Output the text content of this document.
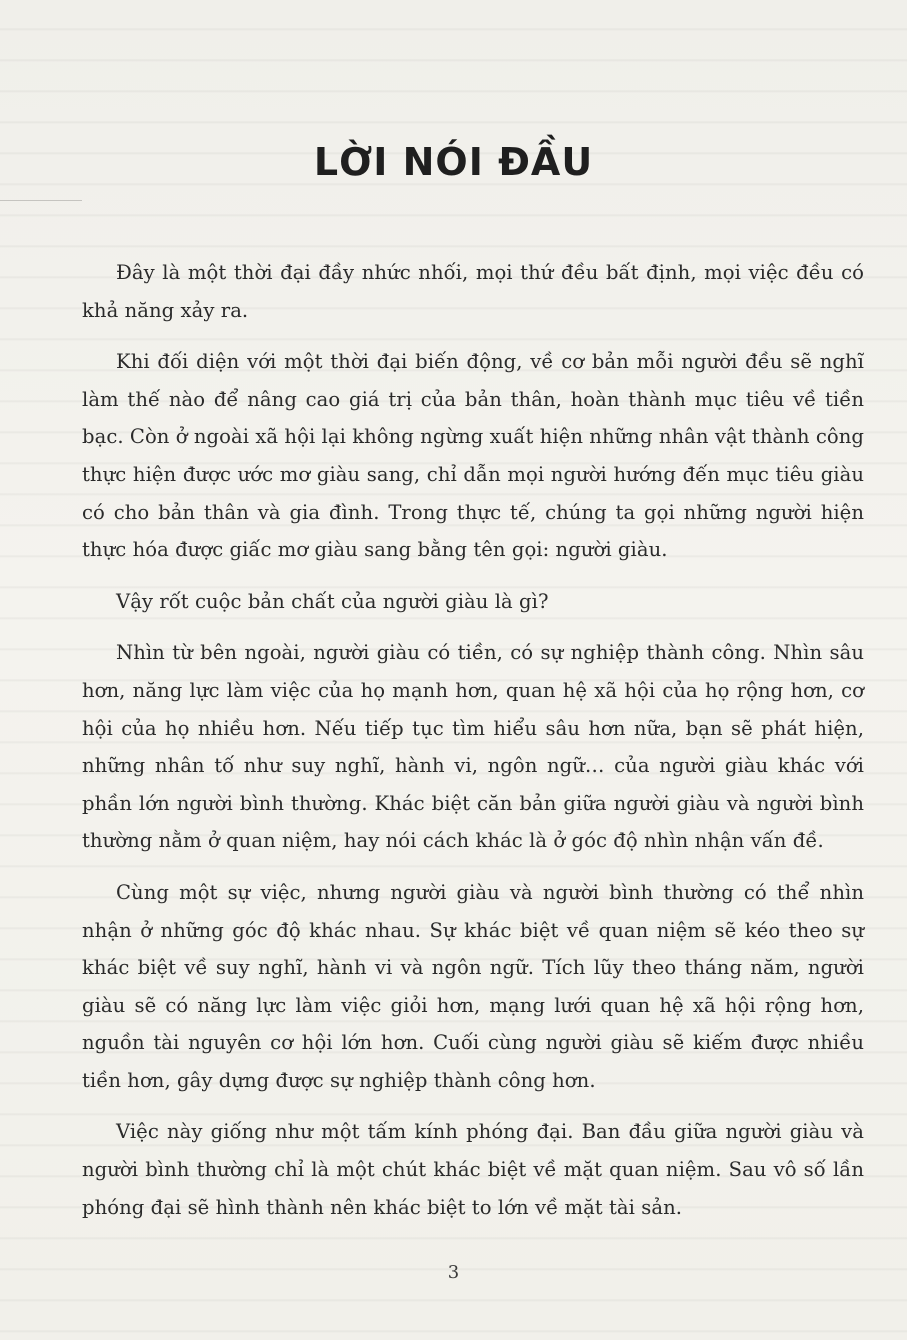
LỜI NÓI ĐẦU

Đây là một thời đại đầy nhức nhối, mọi thứ đều bất định, mọi việc đều có khả năng xảy ra.

Khi đối diện với một thời đại biến động, về cơ bản mỗi người đều sẽ nghĩ làm thế nào để nâng cao giá trị của bản thân, hoàn thành mục tiêu về tiền bạc. Còn ở ngoài xã hội lại không ngừng xuất hiện những nhân vật thành công thực hiện được ước mơ giàu sang, chỉ dẫn mọi người hướng đến mục tiêu giàu có cho bản thân và gia đình. Trong thực tế, chúng ta gọi những người hiện thực hóa được giấc mơ giàu sang bằng tên gọi: người giàu.

Vậy rốt cuộc bản chất của người giàu là gì?

Nhìn từ bên ngoài, người giàu có tiền, có sự nghiệp thành công. Nhìn sâu hơn, năng lực làm việc của họ mạnh hơn, quan hệ xã hội của họ rộng hơn, cơ hội của họ nhiều hơn. Nếu tiếp tục tìm hiểu sâu hơn nữa, bạn sẽ phát hiện, những nhân tố như suy nghĩ, hành vi, ngôn ngữ… của người giàu khác với phần lớn người bình thường. Khác biệt căn bản giữa người giàu và người bình thường nằm ở quan niệm, hay nói cách khác là ở góc độ nhìn nhận vấn đề.

Cùng một sự việc, nhưng người giàu và người bình thường có thể nhìn nhận ở những góc độ khác nhau. Sự khác biệt về quan niệm sẽ kéo theo sự khác biệt về suy nghĩ, hành vi và ngôn ngữ. Tích lũy theo tháng năm, người giàu sẽ có năng lực làm việc giỏi hơn, mạng lưới quan hệ xã hội rộng hơn, nguồn tài nguyên cơ hội lớn hơn. Cuối cùng người giàu sẽ kiếm được nhiều tiền hơn, gây dựng được sự nghiệp thành công hơn.

Việc này giống như một tấm kính phóng đại. Ban đầu giữa người giàu và người bình thường chỉ là một chút khác biệt về mặt quan niệm. Sau vô số lần phóng đại sẽ hình thành nên khác biệt to lớn về mặt tài sản.

3
